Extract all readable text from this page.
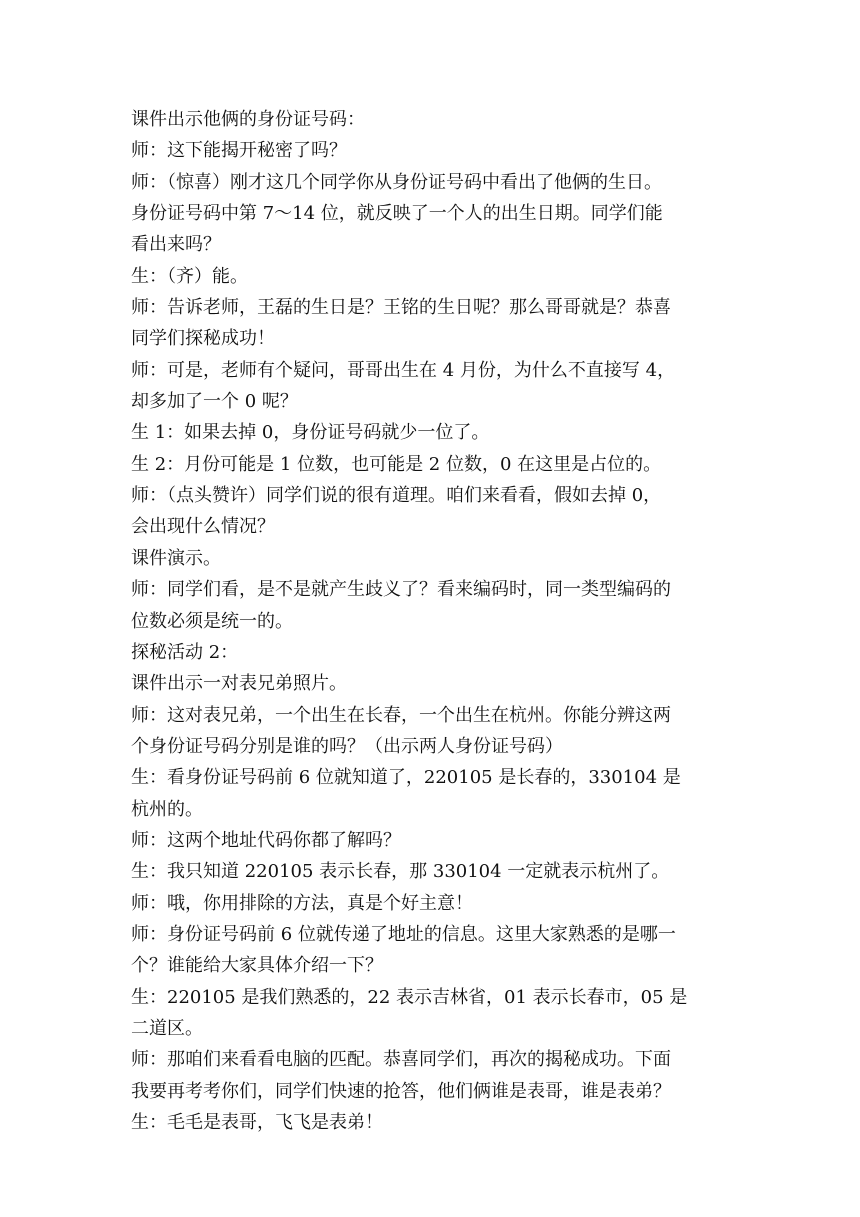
课件出示他俩的身份证号码：

师：这下能揭开秘密了吗？

师：（惊喜）刚才这几个同学你从身份证号码中看出了他俩的生日。

身份证号码中第 7～14 位，就反映了一个人的出生日期。同学们能

看出来吗？

生：（齐）能。

师：告诉老师，王磊的生日是？王铭的生日呢？那么哥哥就是？恭喜

同学们探秘成功！

师：可是，老师有个疑问，哥哥出生在 4 月份，为什么不直接写 4，

却多加了一个 0 呢？

生 1：如果去掉 0，身份证号码就少一位了。

生 2：月份可能是 1 位数，也可能是 2 位数，0 在这里是占位的。

师：（点头赞许）同学们说的很有道理。咱们来看看，假如去掉 0，

会出现什么情况？

课件演示。

师：同学们看，是不是就产生歧义了？看来编码时，同一类型编码的

位数必须是统一的。

探秘活动 2：

课件出示一对表兄弟照片。

师：这对表兄弟，一个出生在长春，一个出生在杭州。你能分辨这两

个身份证号码分别是谁的吗？（出示两人身份证号码）

生：看身份证号码前 6 位就知道了，220105 是长春的，330104 是

杭州的。

师：这两个地址代码你都了解吗？

生：我只知道 220105 表示长春，那 330104 一定就表示杭州了。

师：哦，你用排除的方法，真是个好主意！

师：身份证号码前 6 位就传递了地址的信息。这里大家熟悉的是哪一

个？谁能给大家具体介绍一下？

生：220105 是我们熟悉的，22 表示吉林省，01 表示长春市，05 是

二道区。

师：那咱们来看看电脑的匹配。恭喜同学们，再次的揭秘成功。下面

我要再考考你们，同学们快速的抢答，他们俩谁是表哥，谁是表弟？

生：毛毛是表哥，飞飞是表弟！
